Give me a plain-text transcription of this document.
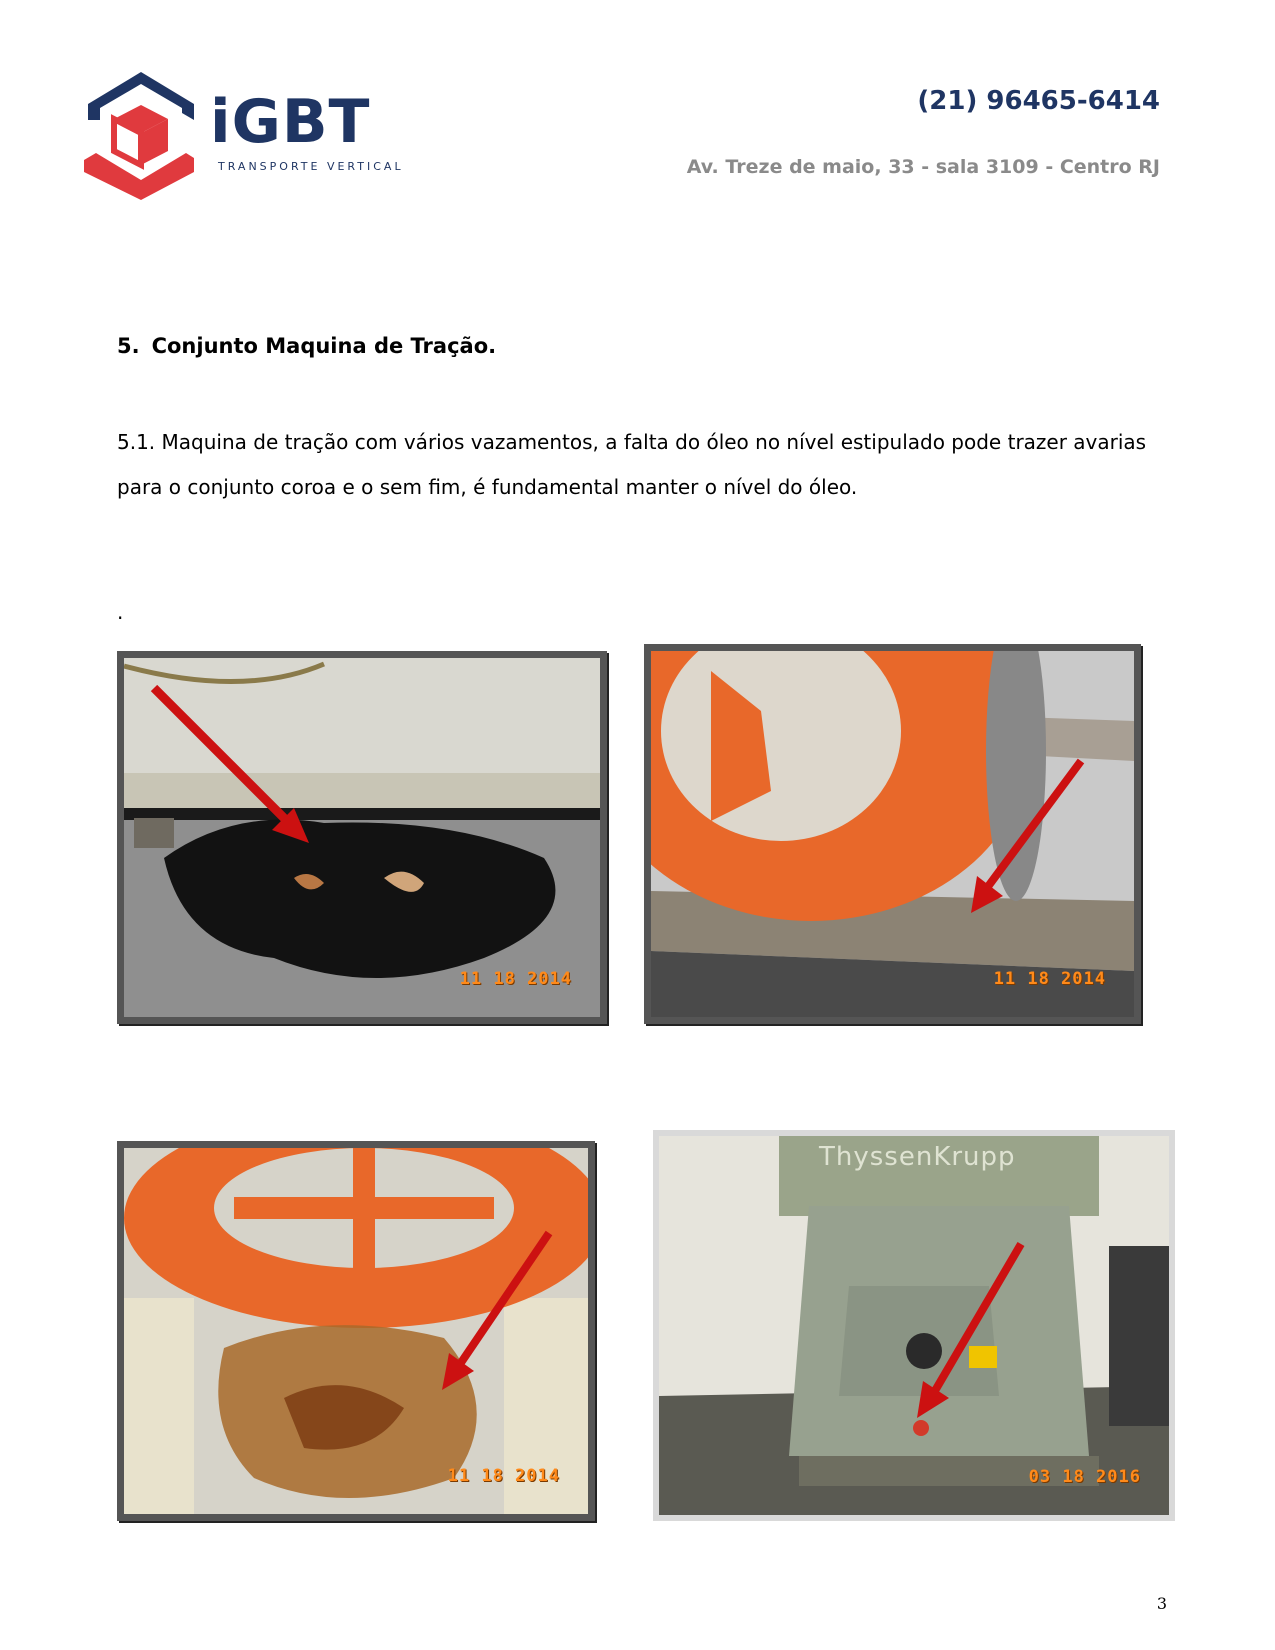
iGBT
TRANSPORTE VERTICAL
(21) 96465-6414
Av. Treze de maio, 33 - sala 3109 - Centro RJ
5. Conjunto Maquina de Tração.
5.1. Maquina de tração com vários vazamentos, a falta do óleo no nível estipulado pode trazer avarias para o conjunto coroa e o sem fim, é fundamental manter o nível do óleo.
.
11 18 2014	11 18 2014
11 18 2014
ThyssenKrupp
03 18 2016
3
